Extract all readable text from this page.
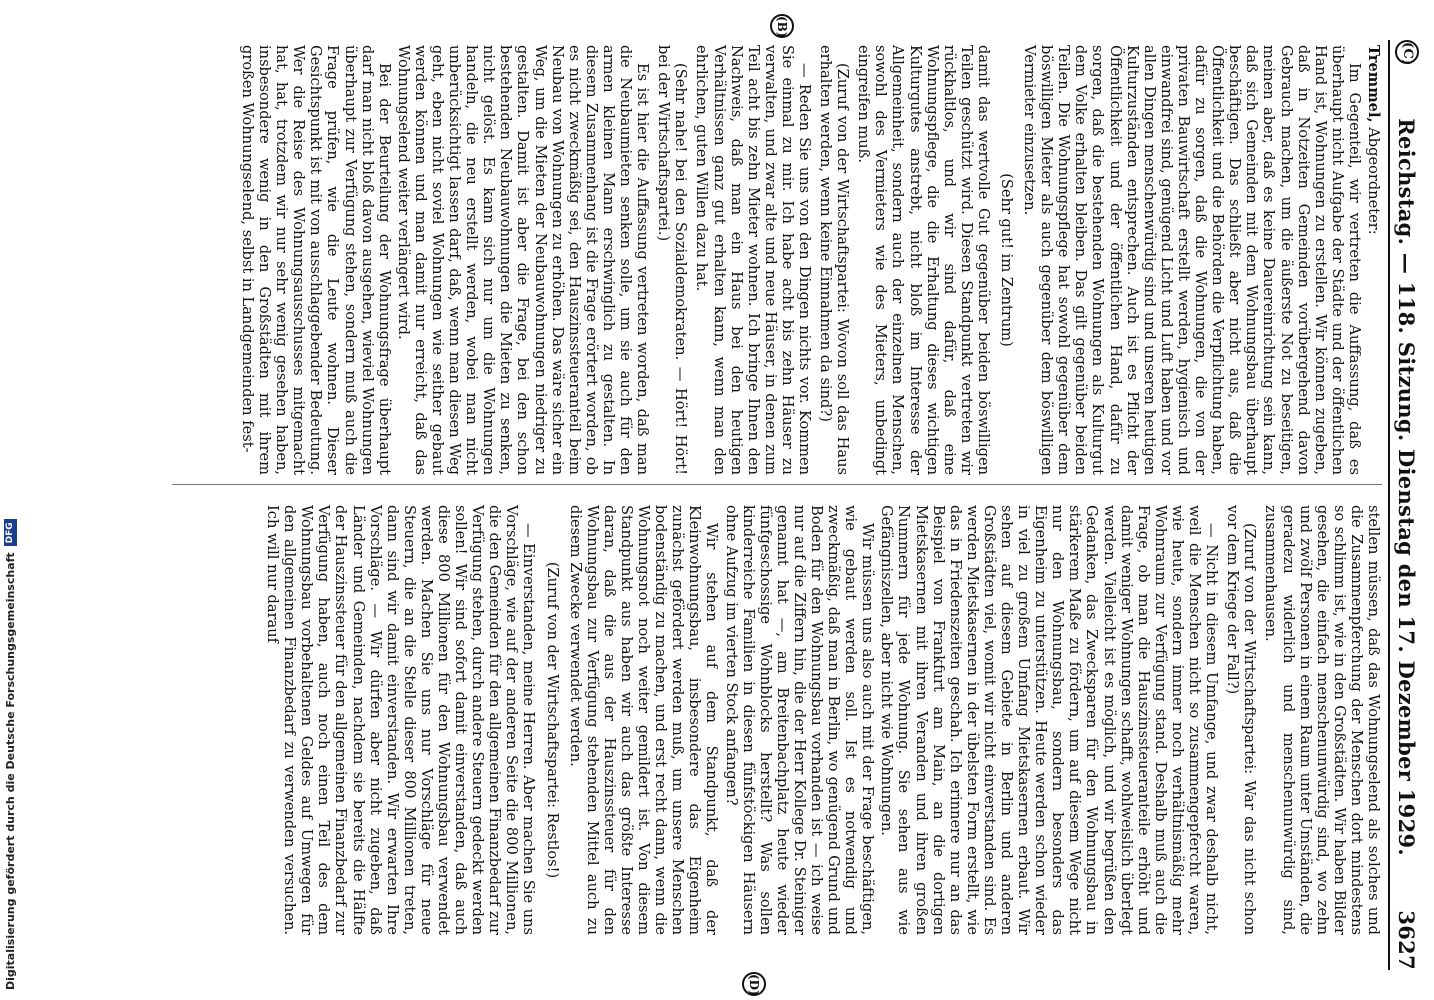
(C)
Reichstag. — 118. Sitzung. Dienstag den 17. Dezember 1929.
3627
(B)
(D)

Tremmel, Abgeordneter:

Im Gegenteil, wir vertreten die Auffassung, daß es überhaupt nicht Aufgabe der Städte und der öffentlichen Hand ist, Wohnungen zu erstellen. Wir können zugeben, daß in Notzeiten Gemeinden vorübergehend davon Gebrauch machen, um die äußerste Not zu beseitigen, meinen aber, daß es keine Dauereinrichtung sein kann, daß sich Gemeinden mit dem Wohnungsbau überhaupt beschäftigen. Das schließt aber nicht aus, daß die Öffentlichkeit und die Behörden die Verpflichtung haben, dafür zu sorgen, daß die Wohnungen, die von der privaten Bauwirtschaft erstellt werden, hygienisch und einwandfrei sind, genügend Licht und Luft haben und vor allen Dingen menschenwürdig sind und unseren heutigen Kulturzuständen entsprechen. Auch ist es Pflicht der Öffentlichkeit und der öffentlichen Hand, dafür zu sorgen, daß die bestehenden Wohnungen als Kulturgut dem Volke erhalten bleiben. Das gilt gegenüber beiden Teilen. Die Wohnungspflege hat sowohl gegenüber dem böswilligen Mieter als auch gegenüber dem böswilligen Vermieter einzusetzen.

(Sehr gut! im Zentrum)

damit das wertvolle Gut gegenüber beiden böswilligen Teilen geschützt wird. Diesen Standpunkt vertreten wir rückhaltlos, und wir sind dafür, daß eine Wohnungspflege, die die Erhaltung dieses wichtigen Kulturgutes anstrebt, nicht bloß im Interesse der Allgemeinheit, sondern auch der einzelnen Menschen, sowohl des Vermieters wie des Mieters, unbedingt eingreifen muß.

(Zuruf von der Wirtschaftspartei: Wovon soll das Haus erhalten werden, wenn keine Einnahmen da sind?)

— Reden Sie uns von den Dingen nichts vor. Kommen Sie einmal zu mir. Ich habe acht bis zehn Häuser zu verwalten, und zwar alte und neue Häuser, in denen zum Teil acht bis zehn Mieter wohnen. Ich bringe Ihnen den Nachweis, daß man ein Haus bei den heutigen Verhältnissen ganz gut erhalten kann, wenn man den ehrlichen, guten Willen dazu hat.

(Sehr nahe! bei den Sozialdemokraten. — Hört! Hört! bei der Wirtschaftspartei.)

Es ist hier die Auffassung vertreten worden, daß man die Neubaumieten senken solle, um sie auch für den armen kleinen Mann erschwinglich zu gestalten. In diesem Zusammenhang ist die Frage erörtert worden, ob es nicht zweckmäßig sei, den Hauszinssteueranteil beim Neubau von Wohnungen zu erhöhen. Das wäre sicher ein Weg, um die Mieten der Neubauwohnungen niedriger zu gestalten. Damit ist aber die Frage, bei den schon bestehenden Neubauwohnungen die Mieten zu senken, nicht gelöst. Es kann sich nur um die Wohnungen handeln, die neu erstellt werden, wobei man nicht unberücksichtigt lassen darf, daß, wenn man diesen Weg geht, eben nicht soviel Wohnungen wie seither gebaut werden können und man damit nur erreicht, daß das Wohnungselend weiter verlängert wird.

Bei der Beurteilung der Wohnungsfrage überhaupt darf man nicht bloß davon ausgehen, wieviel Wohnungen überhaupt zur Verfügung stehen, sondern muß auch die Frage prüfen, wie die Leute wohnen. Dieser Gesichtspunkt ist mit von ausschlaggebender Bedeutung. Wer die Reise des Wohnungsausschusses mitgemacht hat, hat, trotzdem wir nur sehr wenig gesehen haben, insbesondere wenig in den Großstädten mit ihrem großen Wohnungselend, selbst in Landgemeinden fest-

stellen müssen, daß das Wohnungselend als solches und die Zusammenpferchung der Menschen dort mindestens so schlimm ist, wie in den Großstädten. Wir haben Bilder gesehen, die einfach menschenunwürdig sind, wo zehn und zwölf Personen in einem Raum unter Umständen, die geradezu widerlich und menschenunwürdig sind, zusammenhausen.

(Zuruf von der Wirtschaftspartei: War das nicht schon vor dem Kriege der Fall?)

— Nicht in diesem Umfange, und zwar deshalb nicht, weil die Menschen nicht so zusammengepfercht waren, wie heute, sondern immer noch verhältnismäßig mehr Wohnraum zur Verfügung stand. Deshalb muß auch die Frage, ob man die Hauszinssteueranteile erhöht und damit weniger Wohnungen schafft, wohlweislich überlegt werden. Vielleicht ist es möglich, und wir begrüßen den Gedanken, das Zwecksparen für den Wohnungsbau in stärkerem Maße zu fördern, um auf diesem Wege nicht nur den Wohnungsbau, sondern besonders das Eigenheim zu unterstützen. Heute werden schon wieder in viel zu großem Umfang Mietskasernen erbaut. Wir sehen auf diesem Gebiete in Berlin und anderen Großstädten viel, womit wir nicht einverstanden sind. Es werden Mietskasernen in der übelsten Form erstellt, wie das in Friedenszeiten geschah. Ich erinnere nur an das Beispiel von Frankfurt am Main, an die dortigen Mietskasernen mit ihren Veranden und ihren großen Nummern für jede Wohnung. Sie sehen aus wie Gefängniszellen, aber nicht wie Wohnungen.

Wir müssen uns also auch mit der Frage beschäftigen, wie gebaut werden soll. Ist es notwendig und zweckmäßig, daß man in Berlin, wo genügend Grund und Boden für den Wohnungsbau vorhanden ist — ich weise nur auf die Ziffern hin, die der Herr Kollege Dr. Steiniger genannt hat —, am Breitenbachplatz heute wieder fünfgeschossige Wohnblocks herstellt? Was sollen kinderreiche Familien in diesen fünfstöckigen Häusern ohne Aufzug im vierten Stock anfangen?

Wir stehen auf dem Standpunkt, daß der Kleinwohnungsbau, insbesondere das Eigenheim zunächst gefördert werden muß, um unsere Menschen bodenständig zu machen, und erst recht dann, wenn die Wohnungsnot noch weiter gemildert ist. Von diesem Standpunkt aus haben wir auch das größte Interesse daran, daß die aus der Hauszinssteuer für den Wohnungsbau zur Verfügung stehenden Mittel auch zu diesem Zwecke verwendet werden.

(Zuruf von der Wirtschaftspartei: Restlos!)

— Einverstanden, meine Herren. Aber machen Sie uns Vorschläge, wie auf der anderen Seite die 800 Millionen, die den Gemeinden für den allgemeinen Finanzbedarf zur Verfügung stehen, durch andere Steuern gedeckt werden sollen! Wir sind sofort damit einverstanden, daß auch diese 800 Millionen für den Wohnungsbau verwendet werden. Machen Sie uns nur Vorschläge für neue Steuern, die an die Stelle dieser 800 Millionen treten, dann sind wir damit einverstanden. Wir erwarten Ihre Vorschläge. — Wir dürfen aber nicht zugeben, daß Länder und Gemeinden, nachdem sie bereits die Hälfte der Hauszinssteuer für den allgemeinen Finanzbedarf zur Verfügung haben, auch noch einen Teil des dem Wohnungsbau vorbehaltenen Geldes auf Umwegen für den allgemeinen Finanzbedarf zu verwenden versuchen. Ich will nur darauf

Digitalisierung gefördert durch die Deutsche Forschungsgemeinschaft
DFG
